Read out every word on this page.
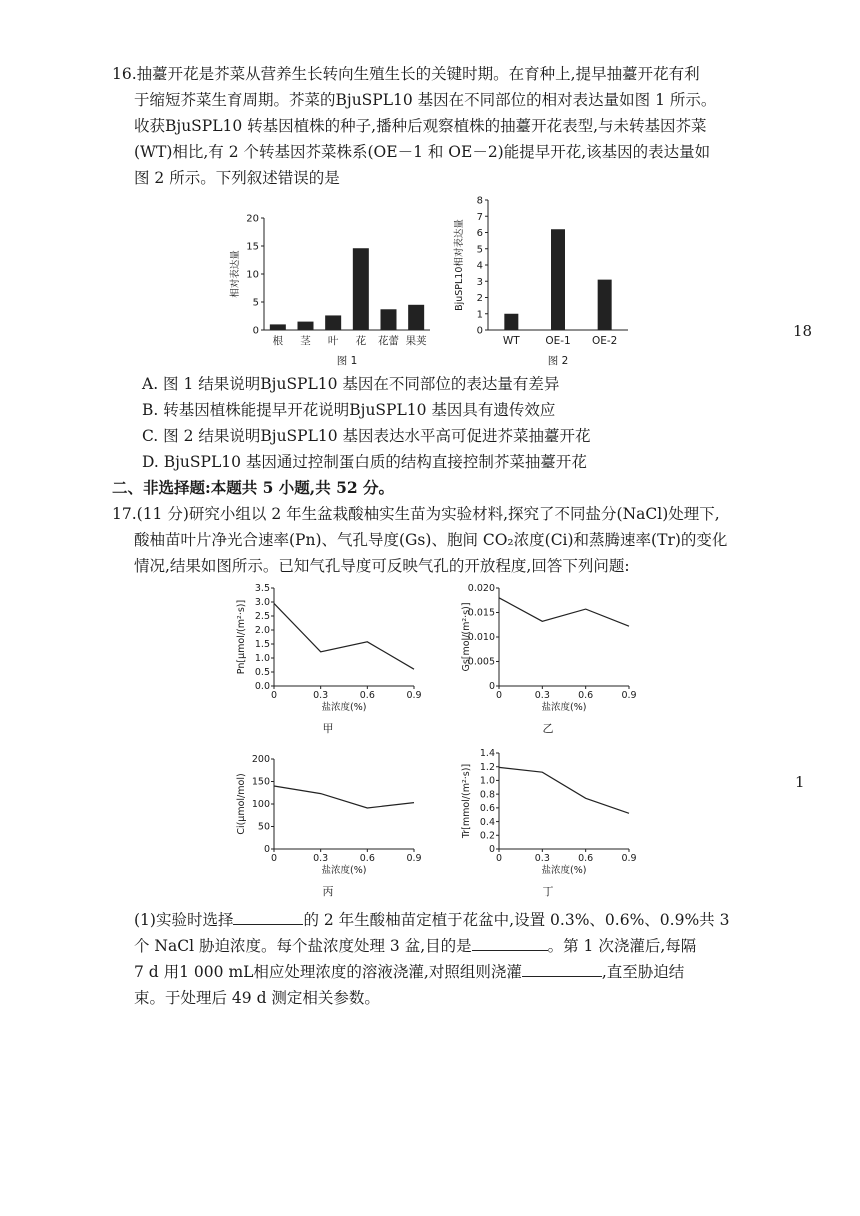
16.抽薹开花是芥菜从营养生长转向生殖生长的关键时期。在育种上,提早抽薹开花有利
于缩短芥菜生育周期。芥菜的BjuSPL10 基因在不同部位的相对表达量如图 1 所示。
收获BjuSPL10 转基因植株的种子,播种后观察植株的抽薹开花表型,与未转基因芥菜
(WT)相比,有 2 个转基因芥菜株系(OE－1 和 OE－2)能提早开花,该基因的表达量如
图 2 所示。下列叙述错误的是
0
5
10
15
20
根 茎 叶 花 花蕾 果荚
相对表达量
图 1
0
1
2
3
4
5
6
7
8
WT OE-1 OE-2
BjuSPL10相对表达量
图 2
A. 图 1 结果说明BjuSPL10 基因在不同部位的表达量有差异
B. 转基因植株能提早开花说明BjuSPL10 基因具有遗传效应
C. 图 2 结果说明BjuSPL10 基因表达水平高可促进芥菜抽薹开花
D. BjuSPL10 基因通过控制蛋白质的结构直接控制芥菜抽薹开花
二、非选择题:本题共 5 小题,共 52 分。
17.(11 分)研究小组以 2 年生盆栽酸柚实生苗为实验材料,探究了不同盐分(NaCl)处理下,
酸柚苗叶片净光合速率(Pn)、气孔导度(Gs)、胞间 CO₂浓度(Ci)和蒸腾速率(Tr)的变化
情况,结果如图所示。已知气孔导度可反映气孔的开放程度,回答下列问题:
0.0
0.5
1.0
1.5
2.0
2.5
3.0
3.5
0	0.3	0.6	0.9
盐浓度(%)
Pn[μmol/(m²·s)]
甲
0
0.005
0.010
0.015
0.020
0	0.3	0.6	0.9
盐浓度(%)
Gs[mol/(m²·s)]
乙
0
50
100
150
200
0	0.3	0.6	0.9
盐浓度(%)
Ci(μmol/mol)
丙
0
0.2
0.4
0.6
0.8
1.0
1.2
1.4
0	0.3	0.6	0.9
盐浓度(%)
Tr[mmol/(m²·s)]
丁
(1)实验时选择	的 2 年生酸柚苗定植于花盆中,设置 0.3%、0.6%、0.9%共 3
个 NaCl 胁迫浓度。每个盐浓度处理 3 盆,目的是	。第 1 次浇灌后,每隔
7 d 用1 000 mL相应处理浓度的溶液浇灌,对照组则浇灌	,直至胁迫结
束。于处理后 49 d 测定相关参数。
18
1
